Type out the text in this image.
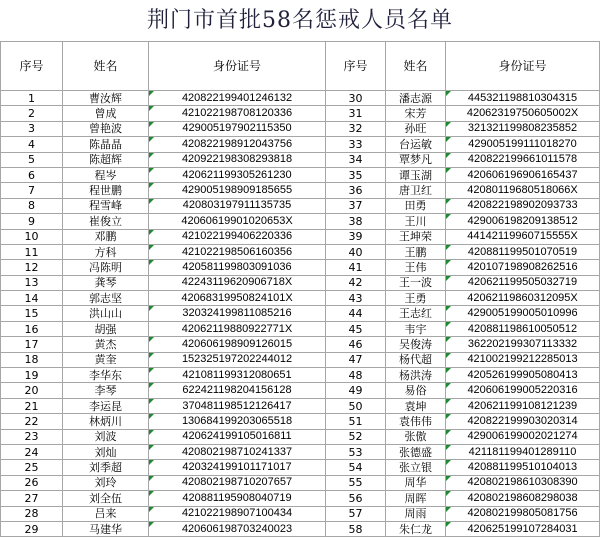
荆门市首批58名惩戒人员名单
序号	姓名	身份证号	序号	姓名	身份证号
1	曹汝辉	420822199401246132	30	潘志源	445321198810304315
2	曾成	421022198708120336	31	宋芳	42062319750605002X
3	曾艳波	429005197902115350	32	孙旺	321321199808235852
4	陈晶晶	420822198912043756	33	台运敏	429005199111018270
5	陈超辉	420922198308293818	34	覃梦凡	420822199661011578
6	程岑	420621199305261230	35	谭玉湖	420606196906165437
7	程世鹏	429005198909185655	36	唐卫红	42080119680518066X
8	程雪峰	420803197911135735	37	田勇	420822198902093733
9	崔俊立	42060619901020653X	38	王川	429006198209138512
10	邓鹏	421022199406220336	39	王坤荣	44142119960715555X
11	方科	421022198506160356	40	王鹏	420881199501070519
12	冯陈明	420581199803091036	41	王伟	420107198908262516
13	龚琴	42243119620906718X	42	王一波	420621199505032719
14	郭志坚	42068319950824101X	43	王勇	42062119860312095X
15	洪山山	320324199811085216	44	王志红	429005199005010996
16	胡强	42062119880922771X	45	韦宇	420881198610050512
17	黄杰	420606198909126015	46	吴俊涛	362202199307113332
18	黄奎	152325197202244012	47	杨代超	421002199212285013
19	李华东	421081199312080651	48	杨洪涛	420526199905080413
20	李琴	622421198204156128	49	易俗	420606199005220316
21	李运昆	370481198512126417	50	袁坤	420621199108121239
22	林炳川	130684199203065518	51	袁伟伟	420822199903020314
23	刘波	420624199105016811	52	张傲	429006199002021274
24	刘灿	420802198710241337	53	张德盛	421181199401289110
25	刘季超	420324199101171017	54	张立银	420881199510104013
26	刘玲	420802198710207657	55	周华	420802198610308390
27	刘全伍	420881195908040719	56	周晖	420802198608298038
28	吕来	421022198907100434	57	周雨	420802199805081756
29	马建华	420606198703240023	58	朱仁龙	420625199107284031
